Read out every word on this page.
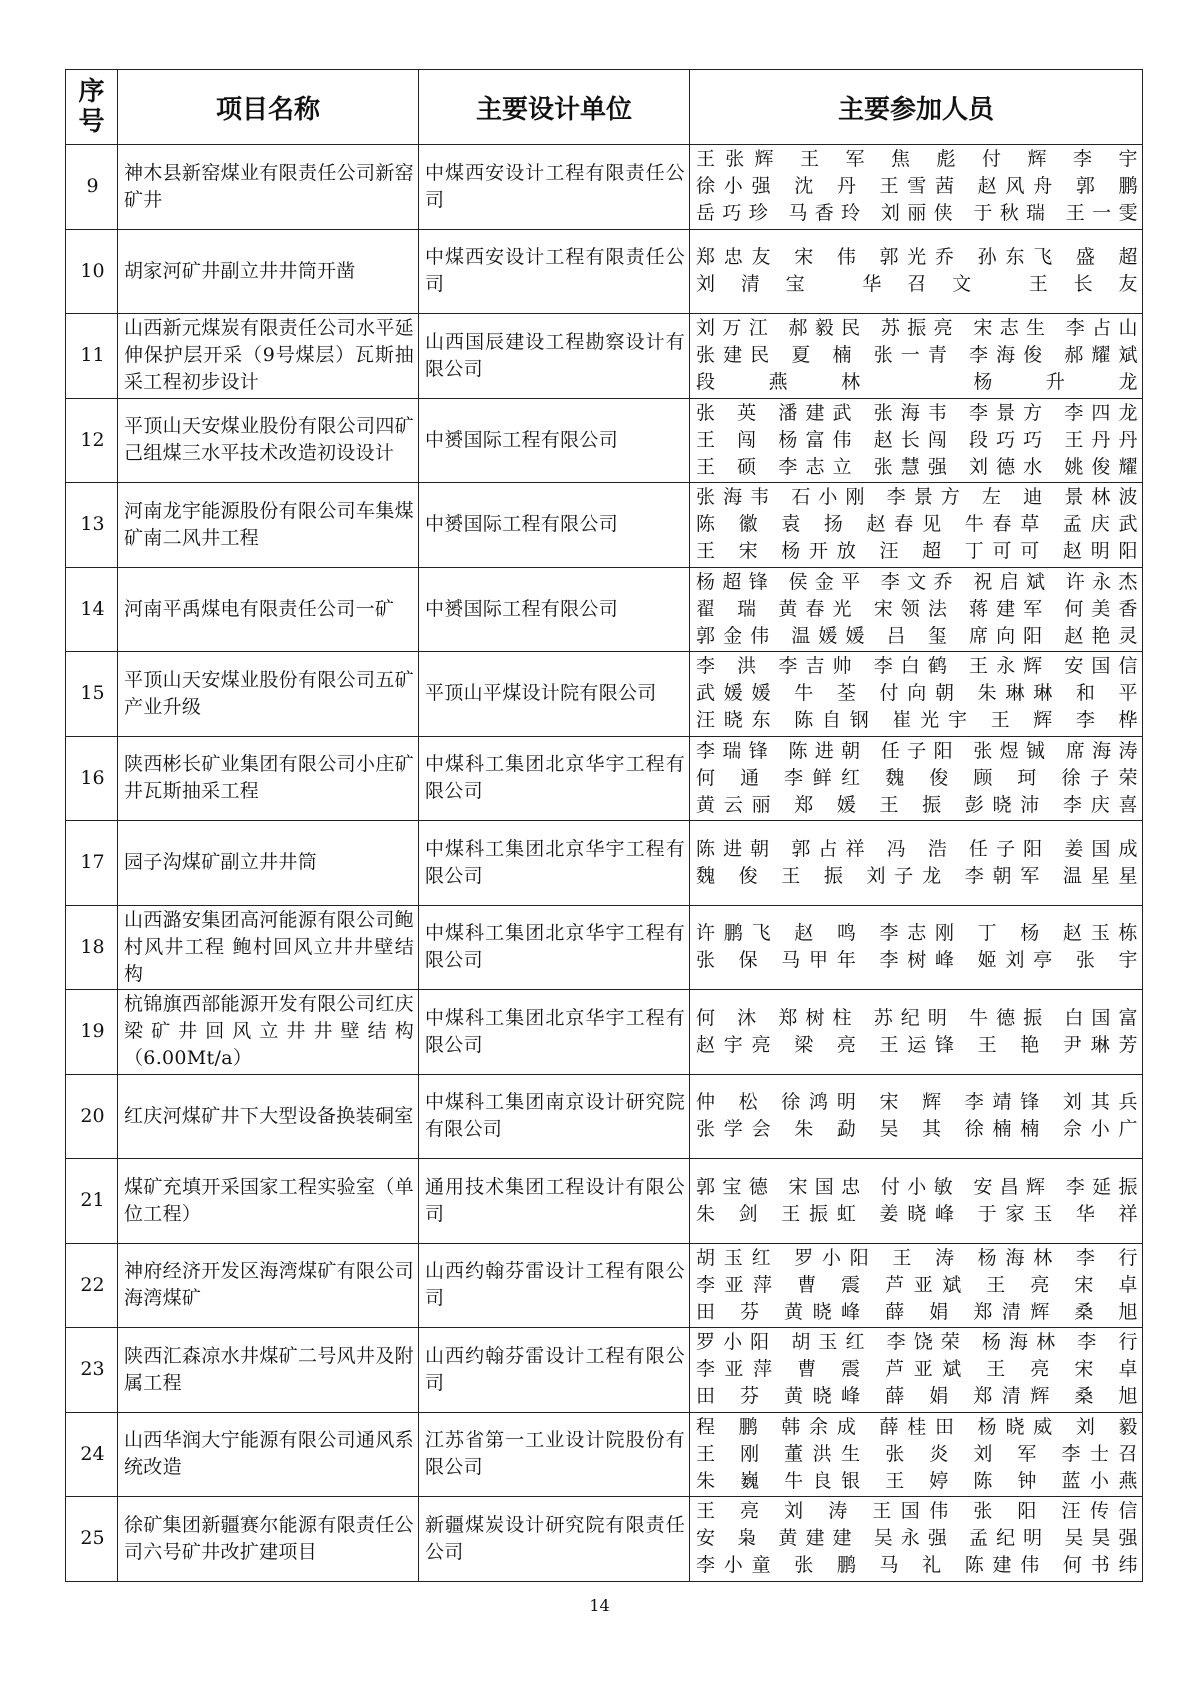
序号	项目名称	主要设计单位	主要参加人员
9	神木县新窑煤业有限责任公司新窑矿井	中煤西安设计工程有限责任公司	王张辉 王 军 焦 彪 付 辉 李 宇
徐小强 沈 丹 王雪茜 赵风舟 郭 鹏
岳巧珍 马香玲 刘丽侠 于秋瑞 王一雯

10	胡家河矿井副立井井筒开凿	中煤西安设计工程有限责任公司	郑忠友 宋 伟 郭光乔 孙东飞 盛 超
刘清宝 华召文 王长友

11	山西新元煤炭有限责任公司水平延伸保护层开采（9号煤层）瓦斯抽采工程初步设计	山西国辰建设工程勘察设计有限公司	刘万江 郝毅民 苏振亮 宋志生 李占山
张建民 夏 楠 张一青 李海俊 郝耀斌
段燕林 杨升龙

12	平顶山天安煤业股份有限公司四矿己组煤三水平技术改造初设设计	中赟国际工程有限公司	张 英 潘建武 张海韦 李景方 李四龙
王 闯 杨富伟 赵长闯 段巧巧 王丹丹
王 硕 李志立 张慧强 刘德水 姚俊耀

13	河南龙宇能源股份有限公司车集煤矿南二风井工程	中赟国际工程有限公司	张海韦 石小刚 李景方 左 迪 景林波
陈 徽 袁 扬 赵春见 牛春草 孟庆武
王 宋 杨开放 汪 超 丁可可 赵明阳

14	河南平禹煤电有限责任公司一矿	中赟国际工程有限公司	杨超锋 侯金平 李文乔 祝启斌 许永杰
翟 瑞 黄春光 宋领法 蒋建军 何美香
郭金伟 温媛媛 吕 玺 席向阳 赵艳灵

15	平顶山天安煤业股份有限公司五矿产业升级	平顶山平煤设计院有限公司	李 洪 李吉帅 李白鹤 王永辉 安国信
武媛媛 牛 荃 付向朝 朱琳琳 和 平
汪晓东 陈自钢 崔光宇 王 辉 李 桦

16	陕西彬长矿业集团有限公司小庄矿井瓦斯抽采工程	中煤科工集团北京华宇工程有限公司	李瑞锋 陈进朝 任子阳 张煜铖 席海涛
何 通 李鲜红 魏 俊 顾 珂 徐子荣
黄云丽 郑 媛 王 振 彭晓沛 李庆喜

17	园子沟煤矿副立井井筒	中煤科工集团北京华宇工程有限公司	陈进朝 郭占祥 冯 浩 任子阳 姜国成
魏 俊 王 振 刘子龙 李朝军 温星星

18	山西潞安集团高河能源有限公司鲍村风井工程 鲍村回风立井井壁结构	中煤科工集团北京华宇工程有限公司	许鹏飞 赵 鸣 李志刚 丁 杨 赵玉栋
张 保 马甲年 李树峰 姬刘亭 张 宇

19	杭锦旗西部能源开发有限公司红庆梁矿井回风立井井壁结构（6.00Mt/a）	中煤科工集团北京华宇工程有限公司	何 沐 郑树柱 苏纪明 牛德振 白国富
赵宇亮 梁 亮 王运锋 王 艳 尹琳芳

20	红庆河煤矿井下大型设备换装硐室	中煤科工集团南京设计研究院有限公司	仲 松 徐鸿明 宋 辉 李靖锋 刘其兵
张学会 朱 勐 吴 其 徐楠楠 佘小广

21	煤矿充填开采国家工程实验室（单位工程）	通用技术集团工程设计有限公司	郭宝德 宋国忠 付小敏 安昌辉 李延振
朱 剑 王振虹 姜晓峰 于家玉 华 祥

22	神府经济开发区海湾煤矿有限公司海湾煤矿	山西约翰芬雷设计工程有限公司	胡玉红 罗小阳 王 涛 杨海林 李 行
李亚萍 曹 震 芦亚斌 王 亮 宋 卓
田 芬 黄晓峰 薛 娟 郑清辉 桑 旭

23	陕西汇森凉水井煤矿二号风井及附属工程	山西约翰芬雷设计工程有限公司	罗小阳 胡玉红 李饶荣 杨海林 李 行
李亚萍 曹 震 芦亚斌 王 亮 宋 卓
田 芬 黄晓峰 薛 娟 郑清辉 桑 旭

24	山西华润大宁能源有限公司通风系统改造	江苏省第一工业设计院股份有限公司	程 鹏 韩余成 薛桂田 杨晓威 刘 毅
王 刚 董洪生 张 炎 刘 军 李士召
朱 巍 牛良银 王 婷 陈 钟 蓝小燕

25	徐矿集团新疆赛尔能源有限责任公司六号矿井改扩建项目	新疆煤炭设计研究院有限责任公司	王 亮 刘 涛 王国伟 张 阳 汪传信
安 枭 黄建建 吴永强 孟纪明 吴昊强
李小童 张 鹏 马 礼 陈建伟 何书纬
14
